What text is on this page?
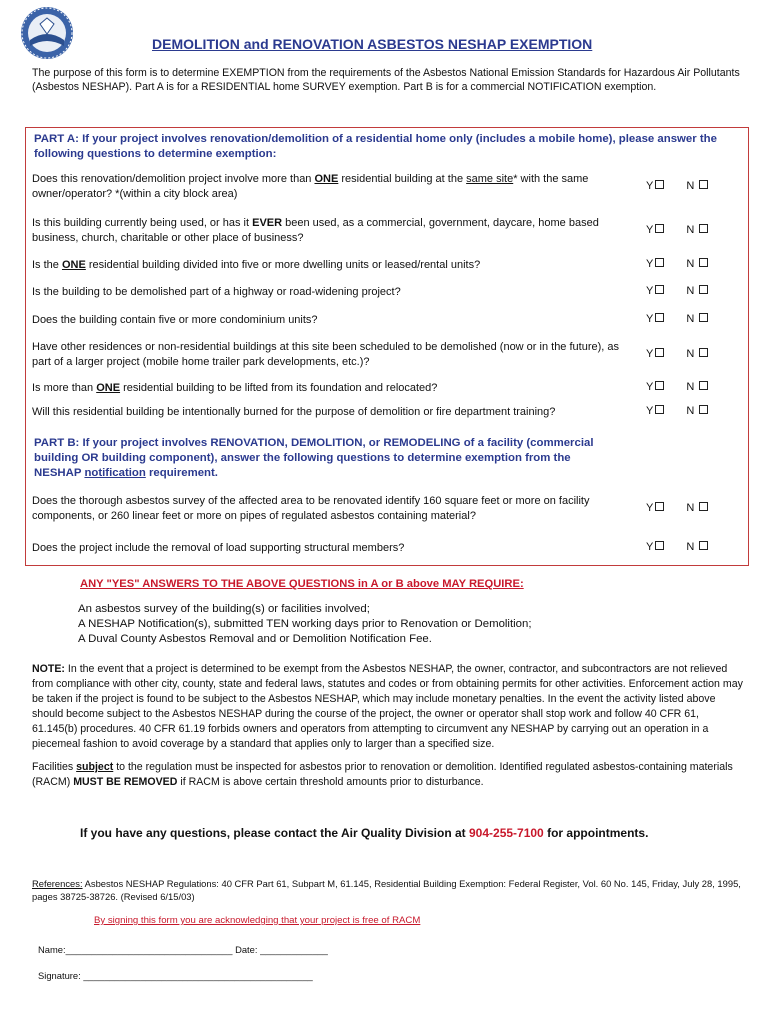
DEMOLITION and RENOVATION ASBESTOS NESHAP EXEMPTION

The purpose of this form is to determine EXEMPTION from the requirements of the Asbestos National Emission Standards for Hazardous Air Pollutants (Asbestos NESHAP). Part A is for a RESIDENTIAL home SURVEY exemption. Part B is for a commercial NOTIFICATION exemption.

PART A: If your project involves renovation/demolition of a residential home only (includes a mobile home), please answer the following questions to determine exemption:

Does this renovation/demolition project involve more than ONE residential building at the same site* with the same owner/operator? *(within a city block area)
Y	N
Is this building currently being used, or has it EVER been used, as a commercial, government, daycare, home based business, church, charitable or other place of business?
Y	N
Is the ONE residential building divided into five or more dwelling units or leased/rental units?	Y	N
Is the building to be demolished part of a highway or road-widening project?	Y	N
Does the building contain five or more condominium units?	Y	N
Have other residences or non-residential buildings at this site been scheduled to be demolished (now or in the future), as part of a larger project (mobile home trailer park developments, etc.)?
Y	N
Is more than ONE residential building to be lifted from its foundation and relocated?	Y	N
Will this residential building be intentionally burned for the purpose of demolition or fire department training?	Y	N

PART B: If your project involves RENOVATION, DEMOLITION, or REMODELING of a facility (commercial building OR building component), answer the following questions to determine exemption from the NESHAP notification requirement.

Does the thorough asbestos survey of the affected area to be renovated identify 160 square feet or more on facility components, or 260 linear feet or more on pipes of regulated asbestos containing material?
Y	N
Does the project include the removal of load supporting structural members?	Y	N

ANY "YES" ANSWERS TO THE ABOVE QUESTIONS in A or B above MAY REQUIRE:

An asbestos survey of the building(s) or facilities involved;
A NESHAP Notification(s), submitted TEN working days prior to Renovation or Demolition;
A Duval County Asbestos Removal and or Demolition Notification Fee.

NOTE: In the event that a project is determined to be exempt from the Asbestos NESHAP, the owner, contractor, and subcontractors are not relieved from compliance with other city, county, state and federal laws, statutes and codes or from obtaining permits for other activities. Enforcement action may be taken if the project is found to be subject to the Asbestos NESHAP, which may include monetary penalties. In the event the activity listed above should become subject to the Asbestos NESHAP during the course of the project, the owner or operator shall stop work and follow 40 CFR 61, 61.145(b) procedures. 40 CFR 61.19 forbids owners and operators from attempting to circumvent any NESHAP by carrying out an operation in a piecemeal fashion to avoid coverage by a standard that applies only to larger than a specified size.

Facilities subject to the regulation must be inspected for asbestos prior to renovation or demolition. Identified regulated asbestos-containing materials (RACM) MUST BE REMOVED if RACM is above certain threshold amounts prior to disturbance.

If you have any questions, please contact the Air Quality Division at 904-255-7100 for appointments.

References: Asbestos NESHAP Regulations: 40 CFR Part 61, Subpart M, 61.145, Residential Building Exemption: Federal Register, Vol. 60 No. 145, Friday, July 28, 1995, pages 38725-38726. (Revised 6/15/03)

By signing this form you are acknowledging that your project is free of RACM

Name:________________________________ Date: _____________

Signature: ____________________________________________
